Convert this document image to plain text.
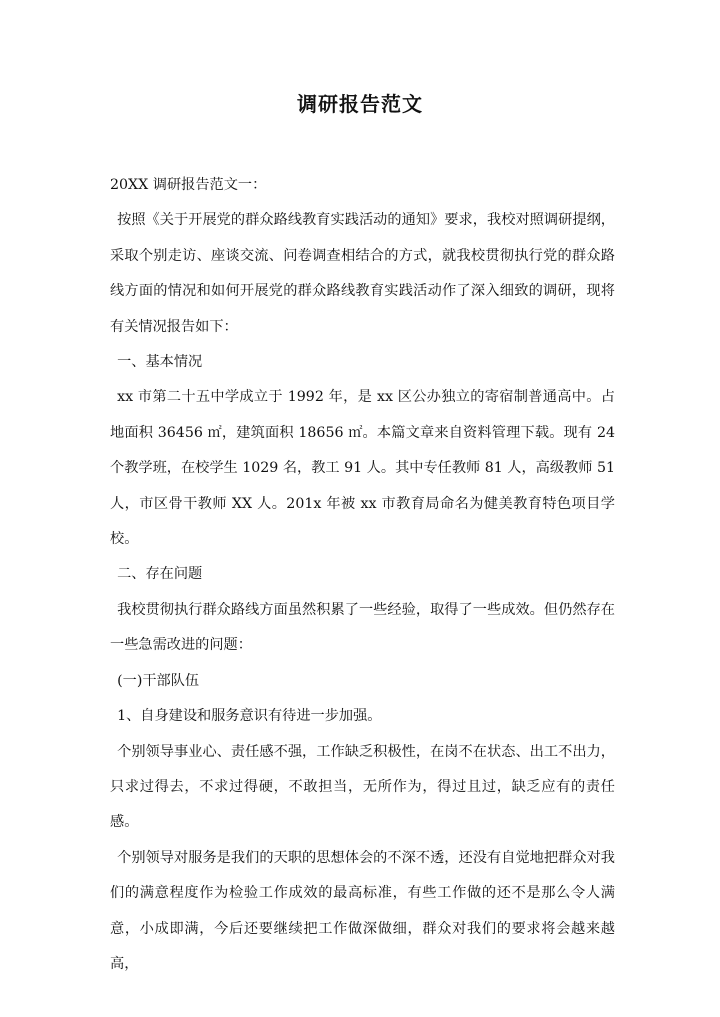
调研报告范文

20XX 调研报告范文一：

按照《关于开展党的群众路线教育实践活动的通知》要求，我校对照调研提纲，采取个别走访、座谈交流、问卷调查相结合的方式，就我校贯彻执行党的群众路线方面的情况和如何开展党的群众路线教育实践活动作了深入细致的调研，现将有关情况报告如下：

一、基本情况

xx 市第二十五中学成立于 1992 年，是 xx 区公办独立的寄宿制普通高中。占地面积 36456 ㎡，建筑面积 18656 ㎡。本篇文章来自资料管理下载。现有 24 个教学班，在校学生 1029 名，教工 91 人。其中专任教师 81 人，高级教师 51 人，市区骨干教师 XX 人。201x 年被 xx 市教育局命名为健美教育特色项目学校。

二、存在问题

我校贯彻执行群众路线方面虽然积累了一些经验，取得了一些成效。但仍然存在一些急需改进的问题：

(一)干部队伍

1、自身建设和服务意识有待进一步加强。

个别领导事业心、责任感不强，工作缺乏积极性，在岗不在状态、出工不出力，只求过得去，不求过得硬，不敢担当，无所作为，得过且过，缺乏应有的责任感。

个别领导对服务是我们的天职的思想体会的不深不透，还没有自觉地把群众对我们的满意程度作为检验工作成效的最高标准，有些工作做的还不是那么令人满意，小成即满，今后还要继续把工作做深做细，群众对我们的要求将会越来越高，
